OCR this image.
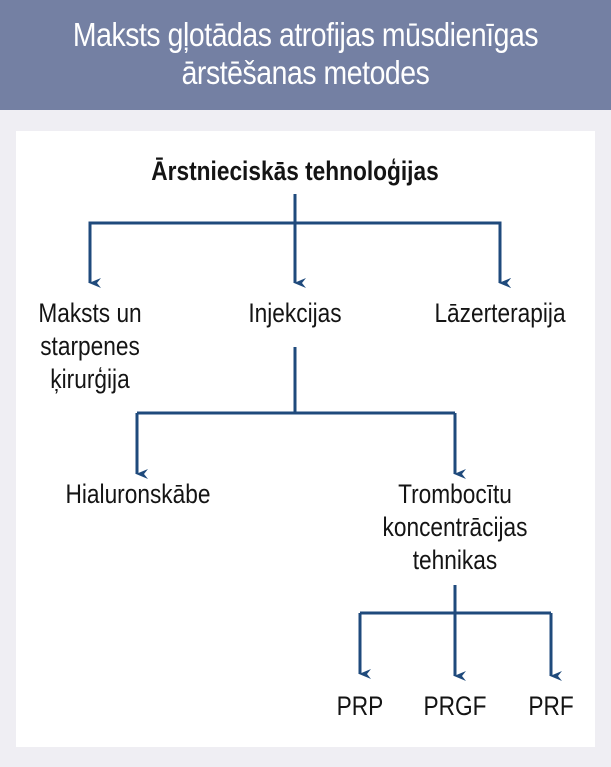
Maksts gļotādas atrofijas mūsdienīgas
ārstēšanas metodes
Ārstnieciskās tehnoloģijas
Maksts un
starpenes
ķirurģija
Injekcijas	Lāzerterapija
Hialuronskābe	Trombocītu
koncentrācijas
tehnikas
PRP	PRGF	PRF
